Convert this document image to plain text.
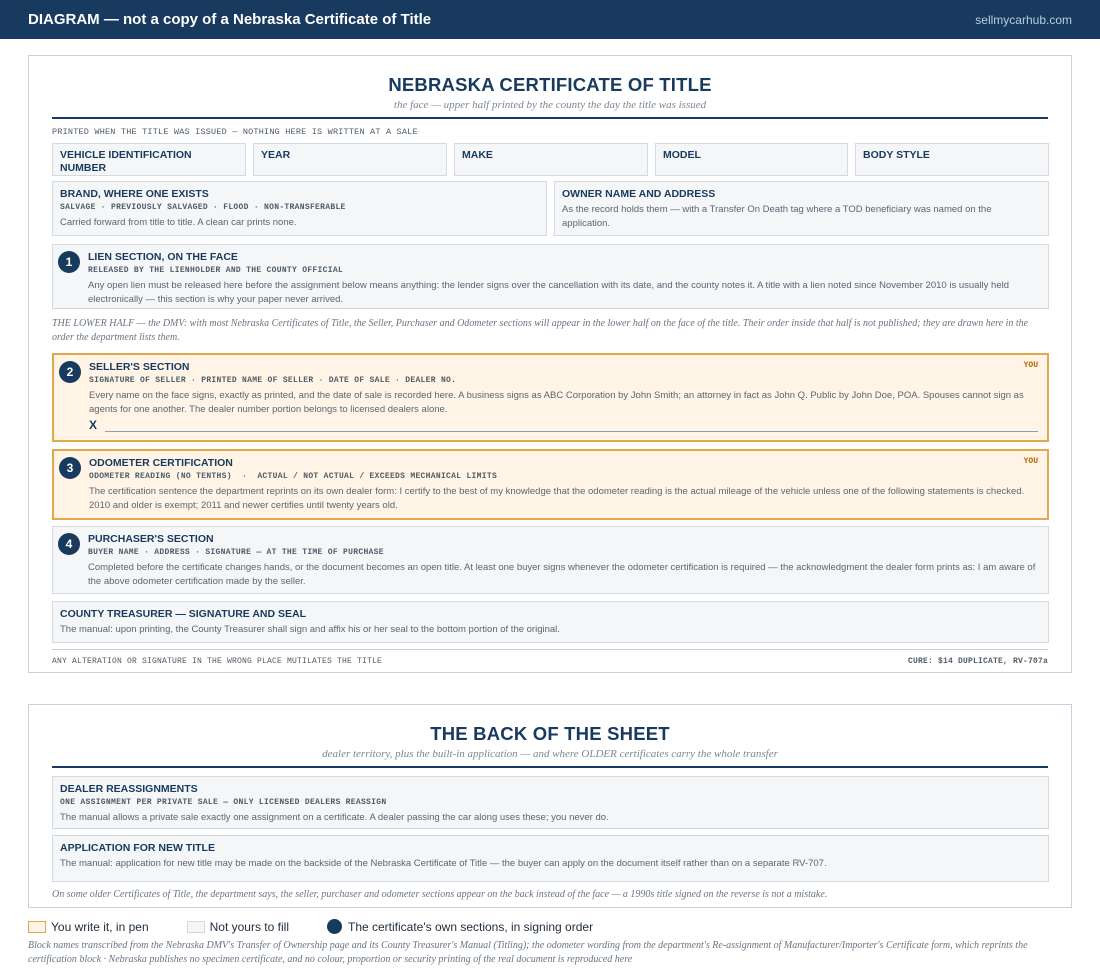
DIAGRAM — not a copy of a Nebraska Certificate of Title	sellmycarhub.com
NEBRASKA CERTIFICATE OF TITLE
the face — upper half printed by the county the day the title was issued
PRINTED WHEN THE TITLE WAS ISSUED — NOTHING HERE IS WRITTEN AT A SALE
VEHICLE IDENTIFICATION NUMBER
YEAR	MAKE	MODEL	BODY STYLE
BRAND, WHERE ONE EXISTS
SALVAGE · PREVIOUSLY SALVAGED · FLOOD · NON-TRANSFERABLE
Carried forward from title to title. A clean car prints none.
OWNER NAME AND ADDRESS
As the record holds them — with a Transfer On Death tag where a TOD beneficiary was named on the application.
1	LIEN SECTION, ON THE FACE
RELEASED BY THE LIENHOLDER AND THE COUNTY OFFICIAL
Any open lien must be released here before the assignment below means anything: the lender signs over the cancellation with its date, and the county notes it. A title with a lien noted since November 2010 is usually held electronically — this section is why your paper never arrived.
THE LOWER HALF — the DMV: with most Nebraska Certificates of Title, the Seller, Purchaser and Odometer sections will appear in the lower half on the face of the title. Their order inside that half is not published; they are drawn here in the order the department lists them.
2	YOU
SELLER'S SECTION
SIGNATURE OF SELLER · PRINTED NAME OF SELLER · DATE OF SALE · DEALER NO.
Every name on the face signs, exactly as printed, and the date of sale is recorded here. A business signs as ABC Corporation by John Smith; an attorney in fact as John Q. Public by John Doe, POA. Spouses cannot sign as agents for one another. The dealer number portion belongs to licensed dealers alone.
X
3	YOU
ODOMETER CERTIFICATION
ODOMETER READING (NO TENTHS)  ·  ACTUAL / NOT ACTUAL / EXCEEDS MECHANICAL LIMITS
The certification sentence the department reprints on its own dealer form: I certify to the best of my knowledge that the odometer reading is the actual mileage of the vehicle unless one of the following statements is checked. 2010 and older is exempt; 2011 and newer certifies until twenty years old.
4	PURCHASER'S SECTION
BUYER NAME · ADDRESS · SIGNATURE — AT THE TIME OF PURCHASE
Completed before the certificate changes hands, or the document becomes an open title. At least one buyer signs whenever the odometer certification is required — the acknowledgment the dealer form prints as: I am aware of the above odometer certification made by the seller.
COUNTY TREASURER — SIGNATURE AND SEAL
The manual: upon printing, the County Treasurer shall sign and affix his or her seal to the bottom portion of the original.
ANY ALTERATION OR SIGNATURE IN THE WRONG PLACE MUTILATES THE TITLE	CURE: $14 DUPLICATE, RV-707a
THE BACK OF THE SHEET
dealer territory, plus the built-in application — and where OLDER certificates carry the whole transfer
DEALER REASSIGNMENTS
ONE ASSIGNMENT PER PRIVATE SALE — ONLY LICENSED DEALERS REASSIGN
The manual allows a private sale exactly one assignment on a certificate. A dealer passing the car along uses these; you never do.
APPLICATION FOR NEW TITLE
The manual: application for new title may be made on the backside of the Nebraska Certificate of Title — the buyer can apply on the document itself rather than on a separate RV-707.
On some older Certificates of Title, the department says, the seller, purchaser and odometer sections appear on the back instead of the face — a 1990s title signed on the reverse is not a mistake.
You write it, in pen	Not yours to fill	The certificate's own sections, in signing order
Block names transcribed from the Nebraska DMV's Transfer of Ownership page and its County Treasurer's Manual (Titling); the odometer wording from the department's Re-assignment of Manufacturer/Importer's Certificate form, which reprints the certification block · Nebraska publishes no specimen certificate, and no colour, proportion or security printing of the real document is reproduced here
